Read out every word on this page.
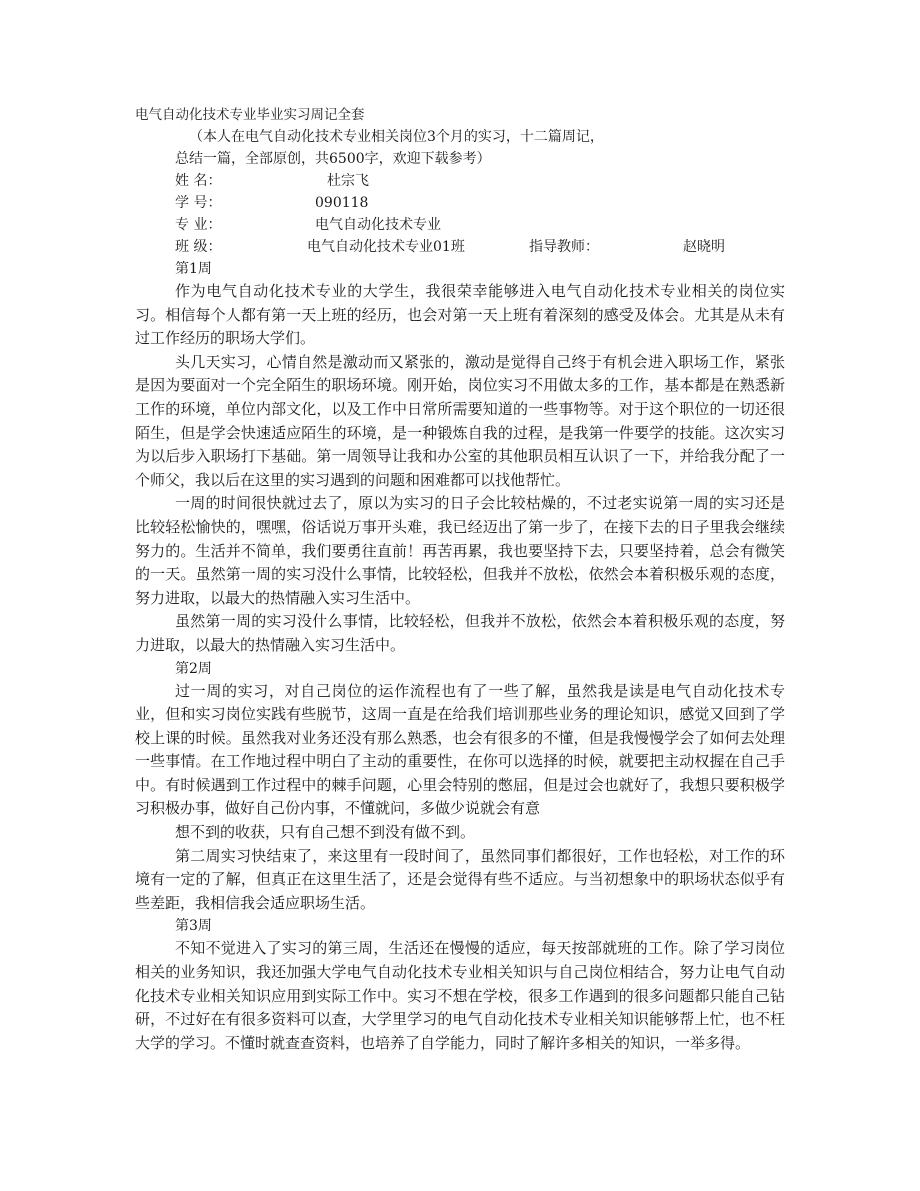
电气自动化技术专业毕业实习周记全套

（本人在电气自动化技术专业相关岗位3个月的实习，十二篇周记，
总结一篇，全部原创，共6500字，欢迎下载参考）
姓 名：	杜宗飞
学 号：	090118
专 业：	电气自动化技术专业
班 级：	电气自动化技术专业01班	指导教师：	赵晓明

第1周

作为电气自动化技术专业的大学生，我很荣幸能够进入电气自动化技术专业相关的岗位实习。相信每个人都有第一天上班的经历，也会对第一天上班有着深刻的感受及体会。尤其是从未有过工作经历的职场大学们。

头几天实习，心情自然是激动而又紧张的，激动是觉得自己终于有机会进入职场工作，紧张是因为要面对一个完全陌生的职场环境。刚开始，岗位实习不用做太多的工作，基本都是在熟悉新工作的环境，单位内部文化，以及工作中日常所需要知道的一些事物等。对于这个职位的一切还很陌生，但是学会快速适应陌生的环境，是一种锻炼自我的过程，是我第一件要学的技能。这次实习为以后步入职场打下基础。第一周领导让我和办公室的其他职员相互认识了一下，并给我分配了一个师父，我以后在这里的实习遇到的问题和困难都可以找他帮忙。

一周的时间很快就过去了，原以为实习的日子会比较枯燥的，不过老实说第一周的实习还是比较轻松愉快的，嘿嘿，俗话说万事开头难，我已经迈出了第一步了，在接下去的日子里我会继续努力的。生活并不简单，我们要勇往直前！再苦再累，我也要坚持下去，只要坚持着，总会有微笑的一天。虽然第一周的实习没什么事情，比较轻松，但我并不放松，依然会本着积极乐观的态度，努力进取，以最大的热情融入实习生活中。

虽然第一周的实习没什么事情，比较轻松，但我并不放松，依然会本着积极乐观的态度，努力进取，以最大的热情融入实习生活中。

第2周

过一周的实习，对自己岗位的运作流程也有了一些了解，虽然我是读是电气自动化技术专业，但和实习岗位实践有些脱节，这周一直是在给我们培训那些业务的理论知识，感觉又回到了学校上课的时候。虽然我对业务还没有那么熟悉，也会有很多的不懂，但是我慢慢学会了如何去处理一些事情。在工作地过程中明白了主动的重要性，在你可以选择的时候，就要把主动权握在自己手中。有时候遇到工作过程中的棘手问题，心里会特别的憋屈，但是过会也就好了，我想只要积极学习积极办事，做好自己份内事，不懂就问，多做少说就会有意

想不到的收获，只有自己想不到没有做不到。

第二周实习快结束了，来这里有一段时间了，虽然同事们都很好，工作也轻松，对工作的环境有一定的了解，但真正在这里生活了，还是会觉得有些不适应。与当初想象中的职场状态似乎有些差距，我相信我会适应职场生活。

第3周

不知不觉进入了实习的第三周，生活还在慢慢的适应，每天按部就班的工作。除了学习岗位相关的业务知识，我还加强大学电气自动化技术专业相关知识与自己岗位相结合，努力让电气自动化技术专业相关知识应用到实际工作中。实习不想在学校，很多工作遇到的很多问题都只能自己钻研，不过好在有很多资料可以查，大学里学习的电气自动化技术专业相关知识能够帮上忙，也不枉大学的学习。不懂时就查查资料，也培养了自学能力，同时了解许多相关的知识，一举多得。
